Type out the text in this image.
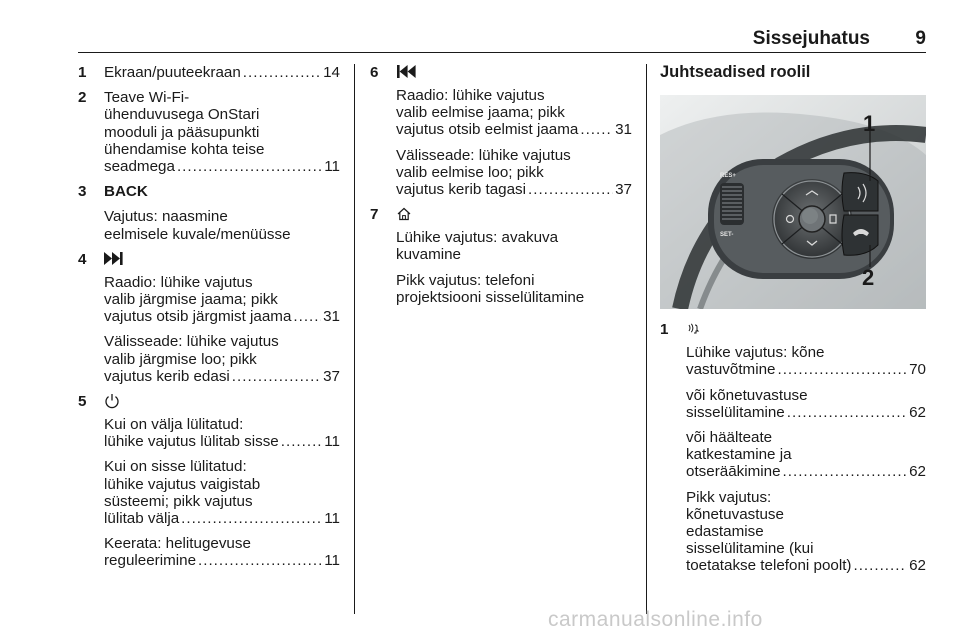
Sissejuhatus 9
1 Ekraan/puuteekraan .....	14
2 Teave Wi-Fi-
ühenduvusega OnStari
mooduli ja pääsupunkti
ühendamise kohta teise
seadmega .....	11
3 BACK
Vajutus: naasmine
eelmisele kuvale/menüüsse
4
Raadio: lühike vajutus
valib järgmise jaama; pikk
vajutus otsib järgmist jaama ..... 31
Välisseade: lühike vajutus
valib järgmise loo; pikk
vajutus kerib edasi .....	37
5
Kui on välja lülitatud:
lühike vajutus lülitab sisse .....	11
Kui on sisse lülitatud:
lühike vajutus vaigistab
süsteemi; pikk vajutus
lülitab välja .....	11
Keerata: helitugevuse
reguleerimine .....	11
6
Raadio: lühike vajutus
valib eelmise jaama; pikk
vajutus otsib eelmist jaama ..... 31
Välisseade: lühike vajutus
valib eelmise loo; pikk
vajutus kerib tagasi .....	37
7
Lühike vajutus: avakuva
kuvamine
Pikk vajutus: telefoni
projektsiooni sisselülitamine
Juhtseadised roolil
RES+
SET-
1
2
1
Lühike vajutus: kõne
vastuvõtmine .....	70
või kõnetuvastuse
sisselülitamine .....	62
või häälteate
katkestamine ja
otseräākimine .....	62
Pikk vajutus:
kõnetuvastuse
edastamise
sisselülitamine (kui
toetatakse telefoni poolt) .....	62
carmanualsonline.info
